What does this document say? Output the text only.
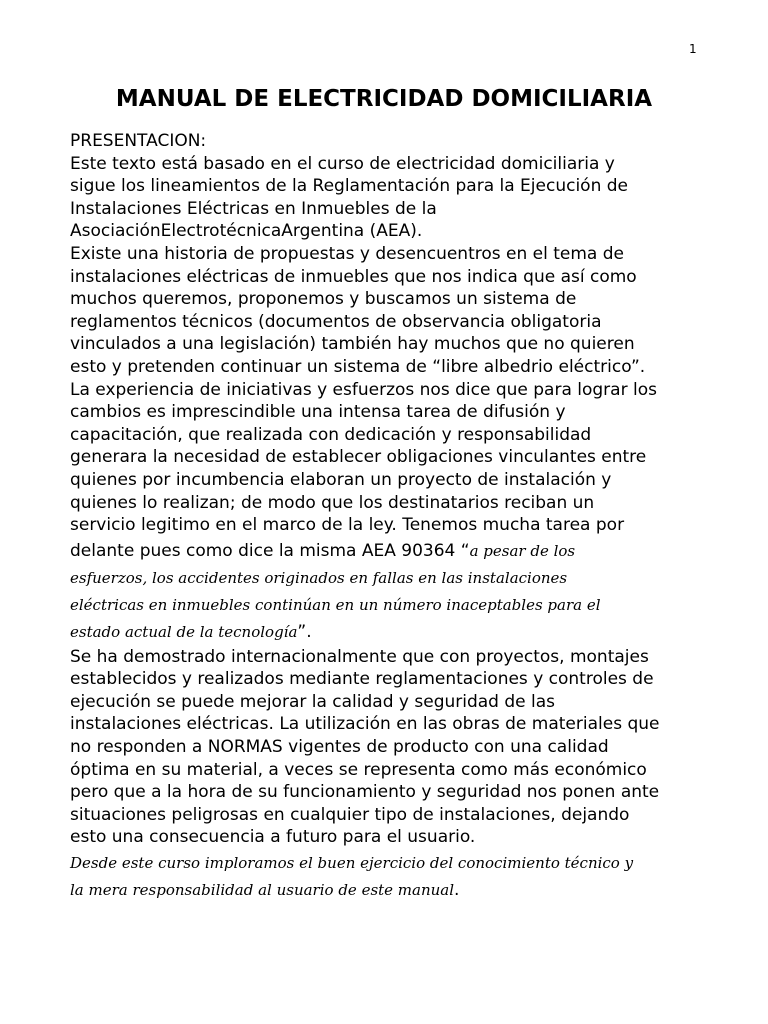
1
MANUAL DE ELECTRICIDAD DOMICILIARIA
PRESENTACION:
Este texto está basado en el curso de electricidad domiciliaria y
sigue los lineamientos de la Reglamentación para la Ejecución de
Instalaciones Eléctricas en Inmuebles de la
AsociaciónElectrotécnicaArgentina (AEA).
Existe una historia de propuestas y desencuentros en el tema de
instalaciones eléctricas de inmuebles que nos indica que así como
muchos queremos, proponemos y buscamos un sistema de
reglamentos técnicos (documentos de observancia obligatoria
vinculados a una legislación) también hay muchos que no quieren
esto y pretenden continuar un sistema de “libre albedrio eléctrico”.
La experiencia de iniciativas y esfuerzos nos dice que para lograr los
cambios es imprescindible una intensa tarea de difusión y
capacitación, que realizada con dedicación y responsabilidad
generara la necesidad de establecer obligaciones vinculantes entre
quienes por incumbencia elaboran un proyecto de instalación y
quienes lo realizan; de modo que los destinatarios reciban un
servicio legitimo en el marco de la ley. Tenemos mucha tarea por
delante pues como dice la misma AEA 90364 “a pesar de los
esfuerzos, los accidentes originados en fallas en las instalaciones
eléctricas en inmuebles continúan en un número inaceptables para el
estado actual de la tecnología”.
Se ha demostrado internacionalmente que con proyectos, montajes
establecidos y realizados mediante reglamentaciones y controles de
ejecución se puede mejorar la calidad y seguridad de las
instalaciones eléctricas. La utilización en las obras de materiales que
no responden a NORMAS vigentes de producto con una calidad
óptima en su material, a veces se representa como más económico
pero que a la hora de su funcionamiento y seguridad nos ponen ante
situaciones peligrosas en cualquier tipo de instalaciones, dejando
esto una consecuencia a futuro para el usuario.
Desde este curso imploramos el buen ejercicio del conocimiento técnico y
la mera responsabilidad al usuario de este manual.
